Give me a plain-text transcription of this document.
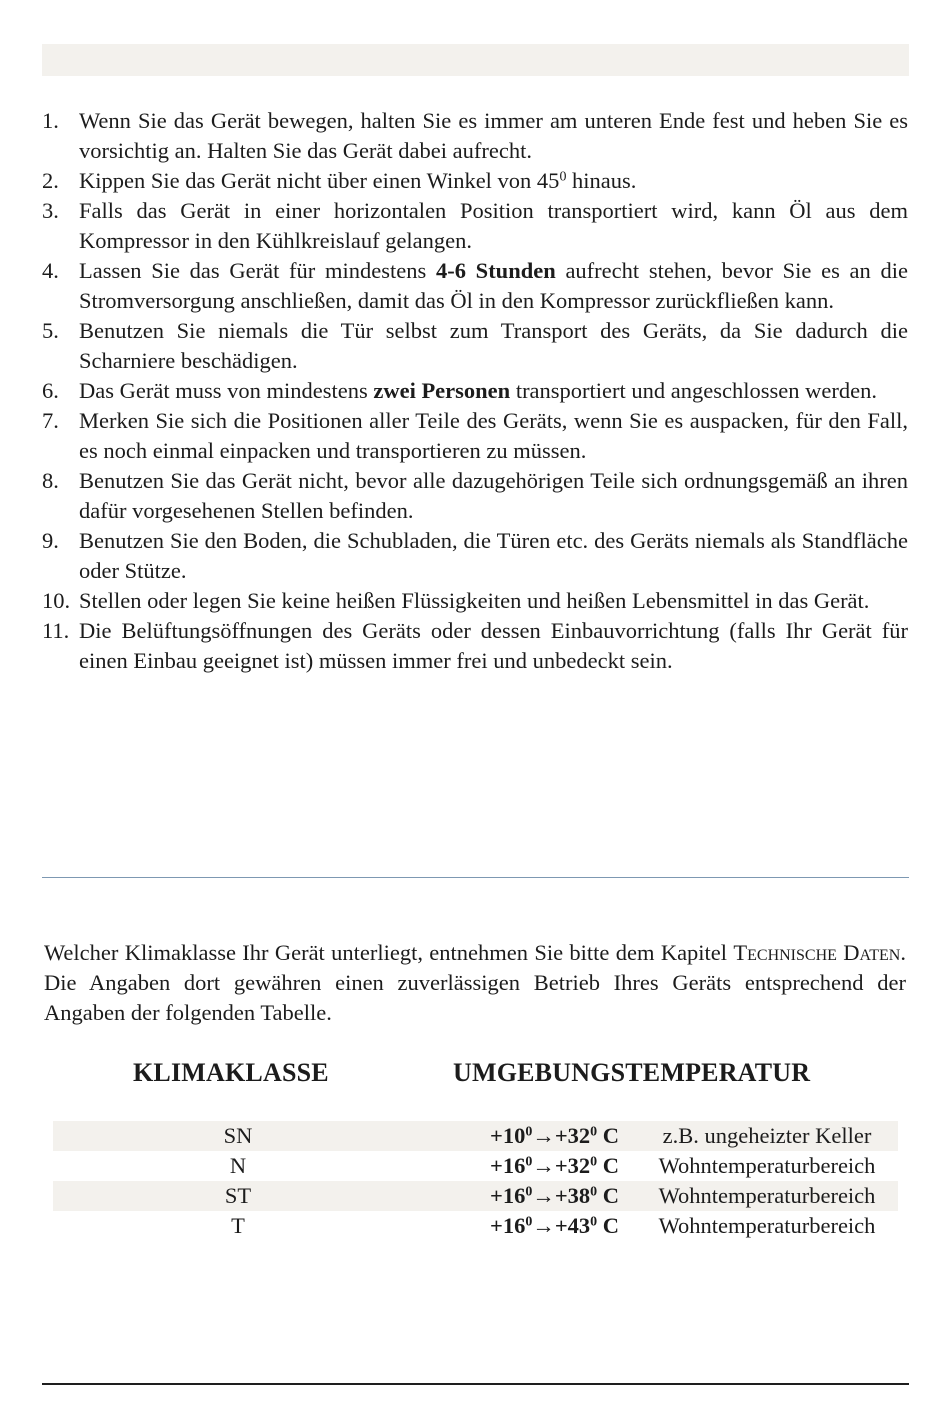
1. Wenn Sie das Gerät bewegen, halten Sie es immer am unteren Ende fest und heben Sie es vorsichtig an. Halten Sie das Gerät dabei aufrecht.
2. Kippen Sie das Gerät nicht über einen Winkel von $45^0$ hinaus.
3. Falls das Gerät in einer horizontalen Position transportiert wird, kann Öl aus dem Kompressor in den Kühlkreislauf gelangen.
4. Lassen Sie das Gerät für mindestens 4-6 Stunden aufrecht stehen, bevor Sie es an die Stromversorgung anschließen, damit das Öl in den Kompressor zurückfließen kann.
5. Benutzen Sie niemals die Tür selbst zum Transport des Geräts, da Sie dadurch die Scharniere beschädigen.
6. Das Gerät muss von mindestens zwei Personen transportiert und angeschlossen werden.
7. Merken Sie sich die Positionen aller Teile des Geräts, wenn Sie es auspacken, für den Fall, es noch einmal einpacken und transportieren zu müssen.
8. Benutzen Sie das Gerät nicht, bevor alle dazugehörigen Teile sich ordnungsgemäß an ihren dafür vorgesehenen Stellen befinden.
9. Benutzen Sie den Boden, die Schubladen, die Türen etc. des Geräts niemals als Standfläche oder Stütze.
10. Stellen oder legen Sie keine heißen Flüssigkeiten und heißen Lebensmittel in das Gerät.
11. Die Belüftungsöffnungen des Geräts oder dessen Einbauvorrichtung (falls Ihr Gerät für einen Einbau geeignet ist) müssen immer frei und unbedeckt sein.

Welcher Klimaklasse Ihr Gerät unterliegt, entnehmen Sie bitte dem Kapitel Technische Daten. Die Angaben dort gewähren einen zuverlässigen Betrieb Ihres Geräts entsprechend der Angaben der folgenden Tabelle.

KLIMAKLASSE	UMGEBUNGSTEMPERATUR
SN	$+10^0\to+32^0$ C	z.B. ungeheizter Keller
N	$+16^0\to+32^0$ C	Wohntemperaturbereich
ST	$+16^0\to+38^0$ C	Wohntemperaturbereich
T	$+16^0\to+43^0$ C	Wohntemperaturbereich
